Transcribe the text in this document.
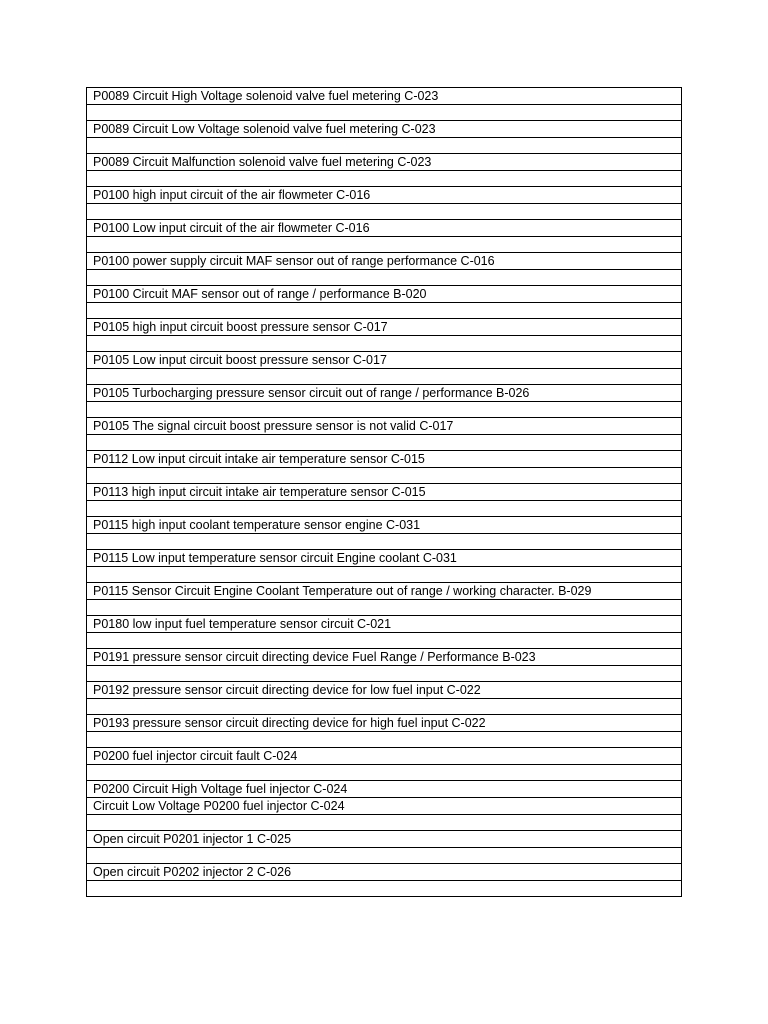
P0089 Circuit High Voltage solenoid valve fuel metering C-023

P0089 Circuit Low Voltage solenoid valve fuel metering C-023

P0089 Circuit Malfunction solenoid valve fuel metering C-023

P0100 high input circuit of the air flowmeter C-016

P0100 Low input circuit of the air flowmeter C-016

P0100 power supply circuit MAF sensor out of range performance C-016

P0100 Circuit MAF sensor out of range / performance B-020

P0105 high input circuit boost pressure sensor C-017

P0105 Low input circuit boost pressure sensor C-017

P0105 Turbocharging pressure sensor circuit out of range / performance B-026

P0105 The signal circuit boost pressure sensor is not valid C-017

P0112 Low input circuit intake air temperature sensor C-015

P0113 high input circuit intake air temperature sensor C-015

P0115 high input coolant temperature sensor engine C-031

P0115 Low input temperature sensor circuit Engine coolant C-031

P0115 Sensor Circuit Engine Coolant Temperature out of range / working character. B-029

P0180 low input fuel temperature sensor circuit C-021

P0191 pressure sensor circuit directing device Fuel Range / Performance B-023

P0192 pressure sensor circuit directing device for low fuel input C-022

P0193 pressure sensor circuit directing device for high fuel input C-022

P0200 fuel injector circuit fault C-024

P0200 Circuit High Voltage fuel injector C-024
Circuit Low Voltage P0200 fuel injector C-024

Open circuit P0201 injector 1 C-025

Open circuit P0202 injector 2 C-026
